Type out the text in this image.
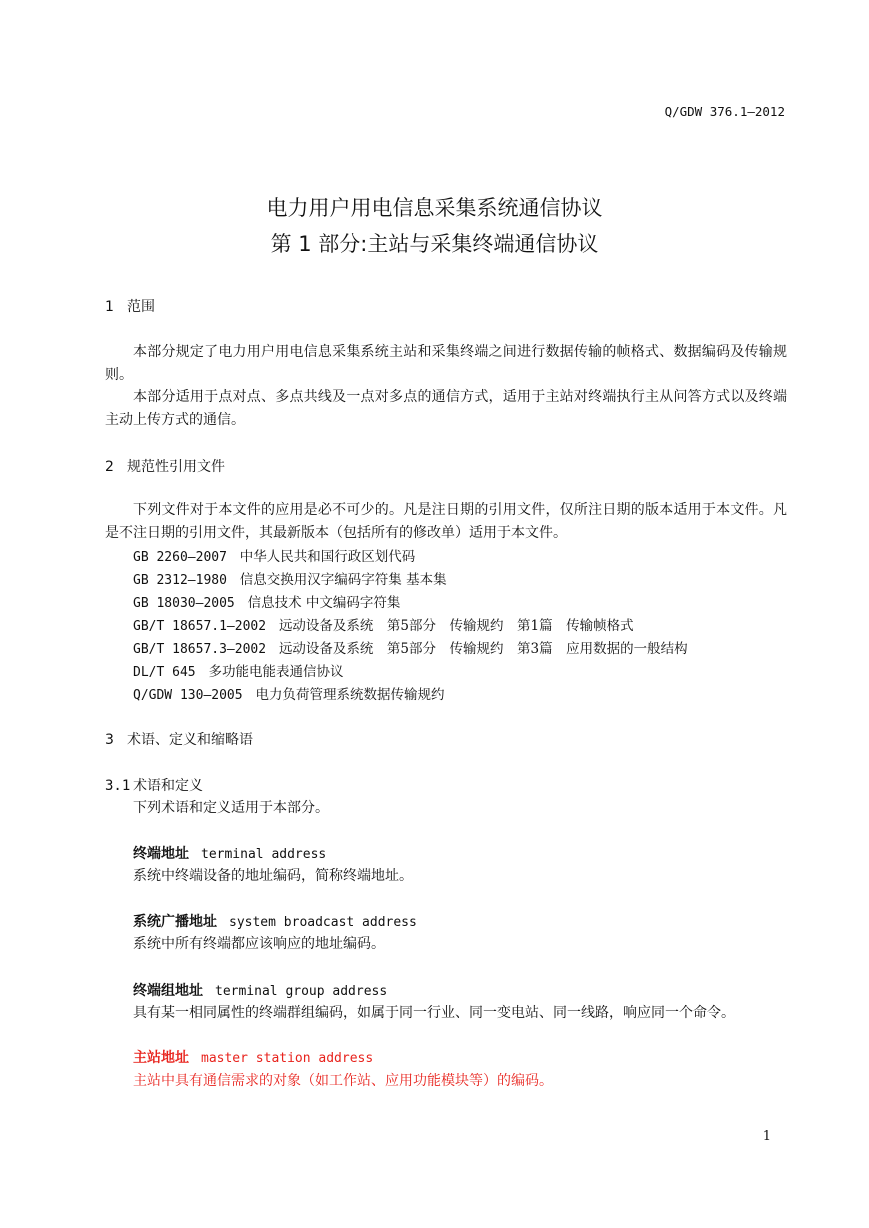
Q/GDW 376.1—2012
电力用户用电信息采集系统通信协议
第 1 部分:主站与采集终端通信协议
1 范围
本部分规定了电力用户用电信息采集系统主站和采集终端之间进行数据传输的帧格式、数据编码及传输规则。
本部分适用于点对点、多点共线及一点对多点的通信方式，适用于主站对终端执行主从问答方式以及终端主动上传方式的通信。
2 规范性引用文件
下列文件对于本文件的应用是必不可少的。凡是注日期的引用文件，仅所注日期的版本适用于本文件。凡是不注日期的引用文件，其最新版本（包括所有的修改单）适用于本文件。
GB 2260—2007 中华人民共和国行政区划代码
GB 2312—1980 信息交换用汉字编码字符集 基本集
GB 18030—2005 信息技术 中文编码字符集
GB/T 18657.1—2002 远动设备及系统　第5部分　传输规约　第1篇　传输帧格式
GB/T 18657.3—2002 远动设备及系统　第5部分　传输规约　第3篇　应用数据的一般结构
DL/T 645 多功能电能表通信协议
Q/GDW 130—2005 电力负荷管理系统数据传输规约
3 术语、定义和缩略语
3.1 术语和定义
下列术语和定义适用于本部分。
终端地址 terminal address
系统中终端设备的地址编码，简称终端地址。
系统广播地址 system broadcast address
系统中所有终端都应该响应的地址编码。
终端组地址 terminal group address
具有某一相同属性的终端群组编码，如属于同一行业、同一变电站、同一线路，响应同一个命令。
主站地址 master station address
主站中具有通信需求的对象（如工作站、应用功能模块等）的编码。
1
